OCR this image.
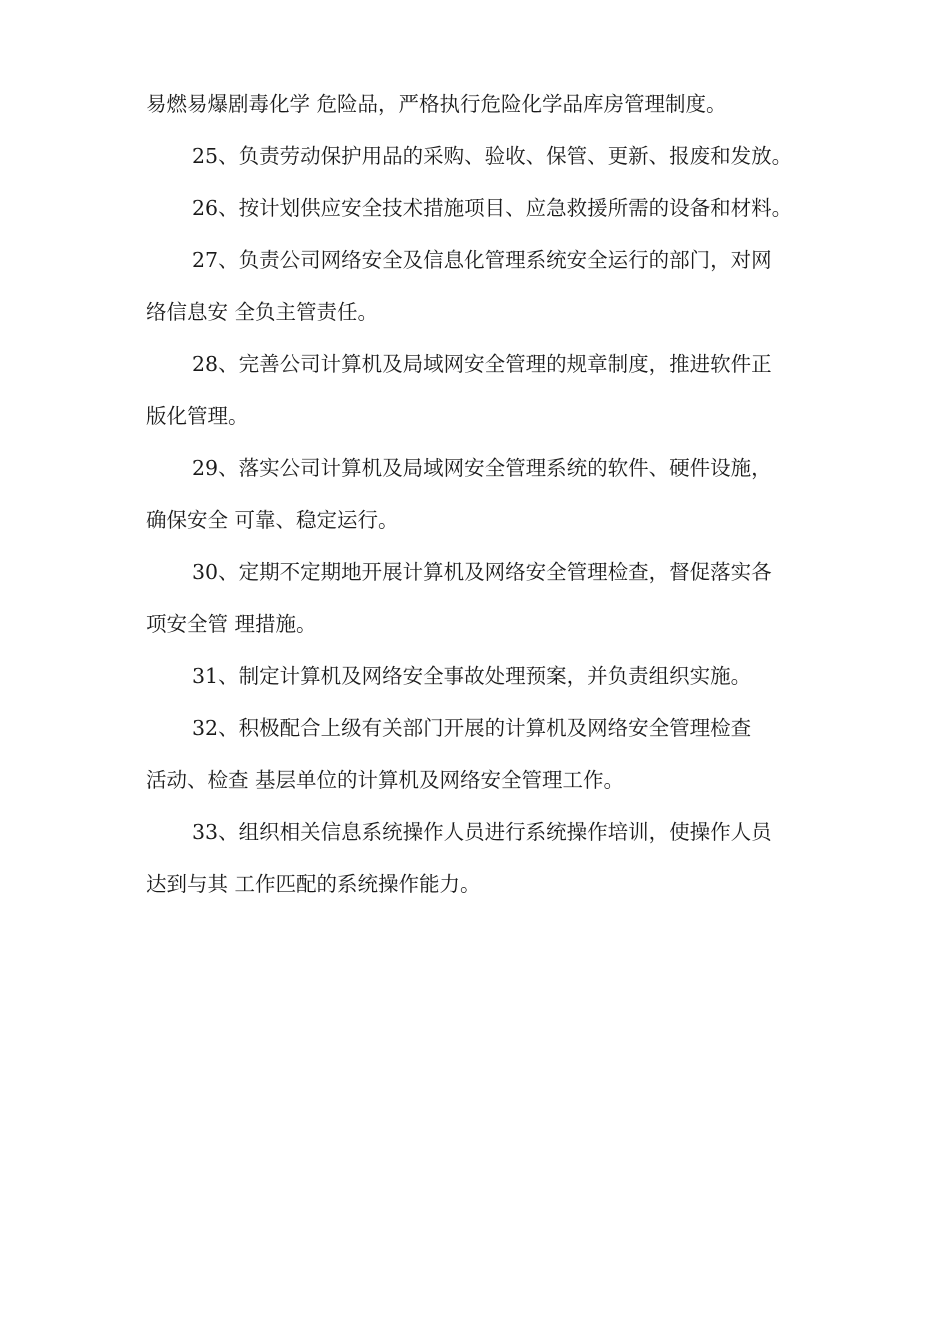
易燃易爆剧毒化学 危险品，严格执行危险化学品库房管理制度。
25、负责劳动保护用品的采购、验收、保管、更新、报废和发放。
26、按计划供应安全技术措施项目、应急救援所需的设备和材料。
27、负责公司网络安全及信息化管理系统安全运行的部门，对网
络信息安 全负主管责任。
28、完善公司计算机及局域网安全管理的规章制度，推进软件正
版化管理。
29、落实公司计算机及局域网安全管理系统的软件、硬件设施，
确保安全 可靠、稳定运行。
30、定期不定期地开展计算机及网络安全管理检查，督促落实各
项安全管 理措施。
31、制定计算机及网络安全事故处理预案，并负责组织实施。
32、积极配合上级有关部门开展的计算机及网络安全管理检查
活动、检查 基层单位的计算机及网络安全管理工作。
33、组织相关信息系统操作人员进行系统操作培训，使操作人员
达到与其 工作匹配的系统操作能力。
